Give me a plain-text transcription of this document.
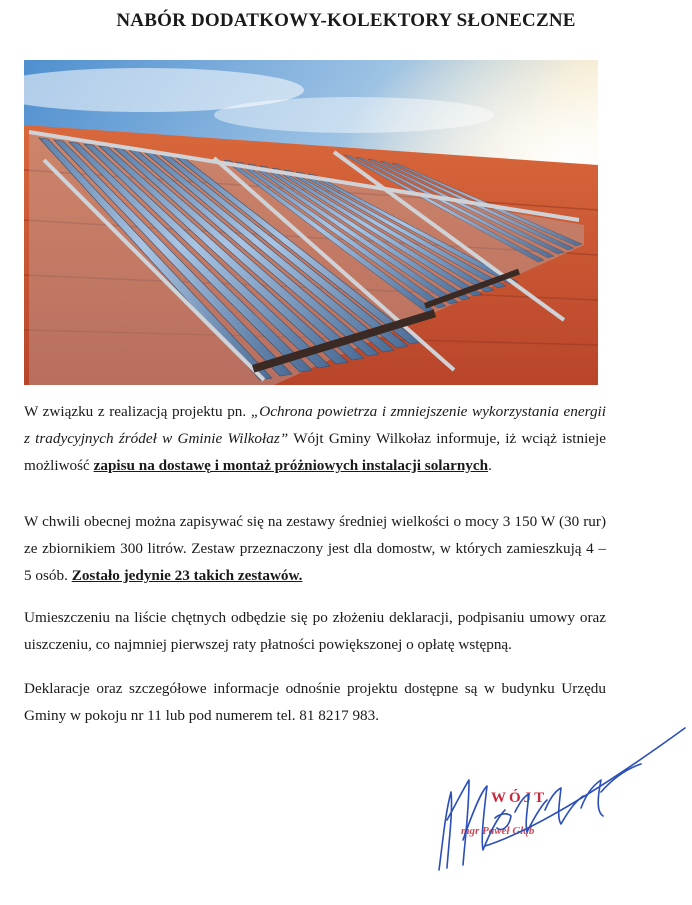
NABÓR DODATKOWY-KOLEKTORY SŁONECZNE
W związku z realizacją projektu pn. „Ochrona powietrza i zmniejszenie wykorzystania energii z tradycyjnych źródeł w Gminie Wilkołaz” Wójt Gminy Wilkołaz informuje, iż wciąż istnieje możliwość zapisu na dostawę i montaż próżniowych instalacji solarnych.
W chwili obecnej można zapisywać się na zestawy średniej wielkości o mocy 3 150 W (30 rur) ze zbiornikiem 300 litrów. Zestaw przeznaczony jest dla domostw, w których zamieszkują 4 – 5 osób. Zostało jedynie 23 takich zestawów.
Umieszczeniu na liście chętnych odbędzie się po złożeniu deklaracji, podpisaniu umowy oraz uiszczeniu, co najmniej pierwszej raty płatności powiększonej o opłatę wstępną.
Deklaracje oraz szczegółowe informacje odnośnie projektu dostępne są w budynku Urzędu Gminy w pokoju nr 11 lub pod numerem tel. 81 8217 983.
WÓJT
mgr Paweł Głąb
